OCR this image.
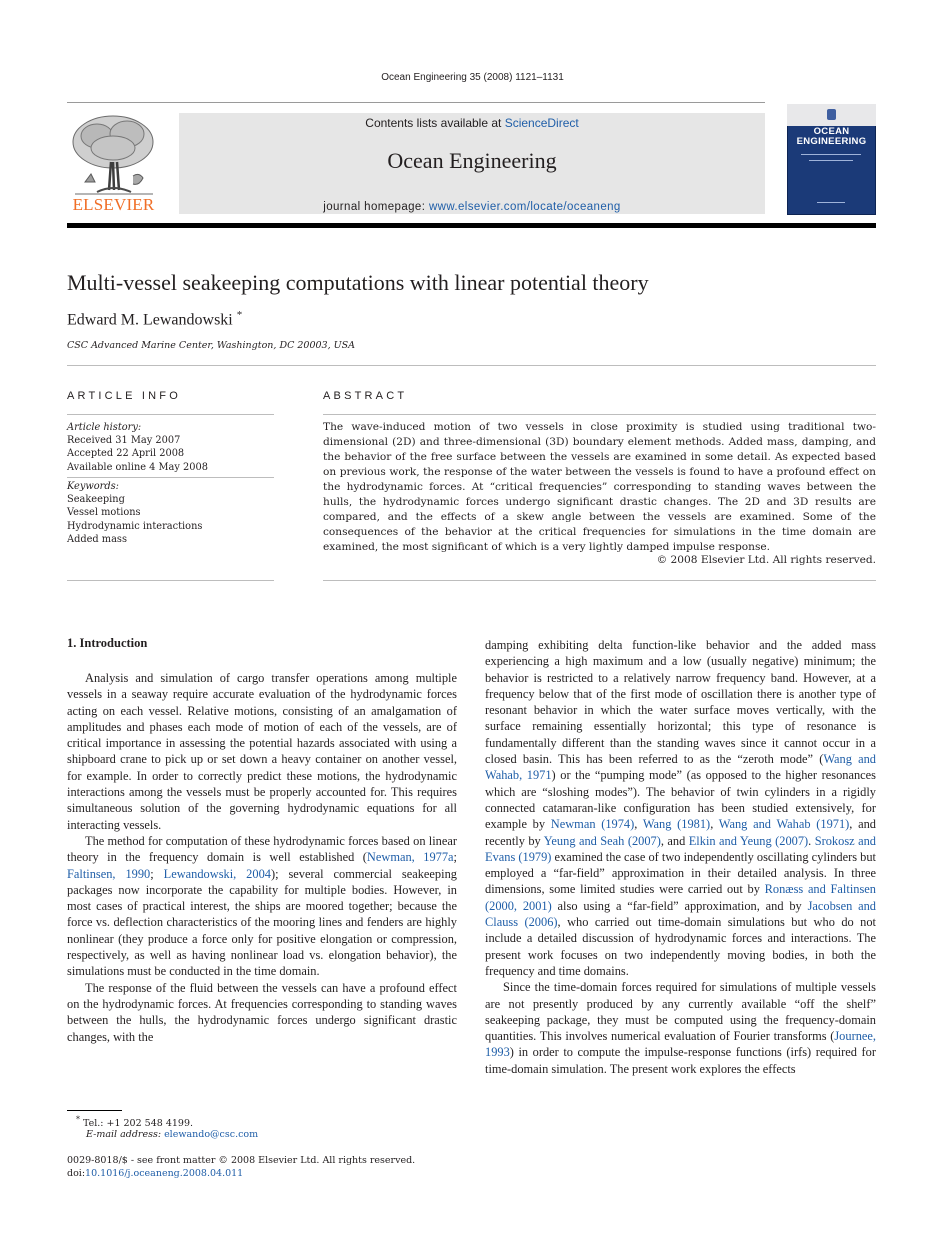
Ocean Engineering 35 (2008) 1121–1131
ELSEVIER
Contents lists available at ScienceDirect
Ocean Engineering
journal homepage: www.elsevier.com/locate/oceaneng
OCEAN
ENGINEERING
Multi-vessel seakeeping computations with linear potential theory
Edward M. Lewandowski *
CSC Advanced Marine Center, Washington, DC 20003, USA
ARTICLE INFO
Article history:
Received 31 May 2007
Accepted 22 April 2008
Available online 4 May 2008
Keywords:
Seakeeping
Vessel motions
Hydrodynamic interactions
Added mass
ABSTRACT
The wave-induced motion of two vessels in close proximity is studied using traditional two-dimensional (2D) and three-dimensional (3D) boundary element methods. Added mass, damping, and the behavior of the free surface between the vessels are examined in some detail. As expected based on previous work, the response of the water between the vessels is found to have a profound effect on the hydrodynamic forces. At “critical frequencies” corresponding to standing waves between the hulls, the hydrodynamic forces undergo significant drastic changes. The 2D and 3D results are compared, and the effects of a skew angle between the vessels are examined. Some of the consequences of the behavior at the critical frequencies for simulations in the time domain are examined, the most significant of which is a very lightly damped impulse response.
© 2008 Elsevier Ltd. All rights reserved.
1. Introduction

Analysis and simulation of cargo transfer operations among multiple vessels in a seaway require accurate evaluation of the hydrodynamic forces acting on each vessel. Relative motions, consisting of an amalgamation of amplitudes and phases each mode of motion of each of the vessels, are of critical importance in assessing the potential hazards associated with using a shipboard crane to pick up or set down a heavy container on another vessel, for example. In order to correctly predict these motions, the hydrodynamic interactions among the vessels must be properly accounted for. This requires simultaneous solution of the governing hydrodynamic equations for all interacting vessels.

The method for computation of these hydrodynamic forces based on linear theory in the frequency domain is well established (Newman, 1977a; Faltinsen, 1990; Lewandowski, 2004); several commercial seakeeping packages now incorporate the capability for multiple bodies. However, in most cases of practical interest, the ships are moored together; because the force vs. deflection characteristics of the mooring lines and fenders are highly nonlinear (they produce a force only for positive elongation or compression, respectively, as well as having nonlinear load vs. elongation behavior), the simulations must be conducted in the time domain.

The response of the fluid between the vessels can have a profound effect on the hydrodynamic forces. At frequencies corresponding to standing waves between the hulls, the hydrodynamic forces undergo significant drastic changes, with the

damping exhibiting delta function-like behavior and the added mass experiencing a high maximum and a low (usually negative) minimum; the behavior is restricted to a relatively narrow frequency band. However, at a frequency below that of the first mode of oscillation there is another type of resonant behavior in which the water surface moves vertically, with the surface remaining essentially horizontal; this type of resonance is fundamentally different than the standing waves since it cannot occur in a closed basin. This has been referred to as the “zeroth mode” (Wang and Wahab, 1971) or the “pumping mode” (as opposed to the higher resonances which are “sloshing modes”). The behavior of twin cylinders in a rigidly connected catamaran-like configuration has been studied extensively, for example by Newman (1974), Wang (1981), Wang and Wahab (1971), and recently by Yeung and Seah (2007), and Elkin and Yeung (2007). Srokosz and Evans (1979) examined the case of two independently oscillating cylinders but employed a “far-field” approximation in their detailed analysis. In three dimensions, some limited studies were carried out by Ronæss and Faltinsen (2000, 2001) also using a “far-field” approximation, and by Jacobsen and Clauss (2006), who carried out time-domain simulations but who do not include a detailed discussion of hydrodynamic forces and interactions. The present work focuses on two independently moving bodies, in both the frequency and time domains.

Since the time-domain forces required for simulations of multiple vessels are not presently produced by any currently available “off the shelf” seakeeping package, they must be computed using the frequency-domain quantities. This involves numerical evaluation of Fourier transforms (Journee, 1993) in order to compute the impulse-response functions (irfs) required for time-domain simulation. The present work explores the effects

* Tel.: +1 202 548 4199.
E-mail address: elewando@csc.com
0029-8018/$ - see front matter © 2008 Elsevier Ltd. All rights reserved.
doi:10.1016/j.oceaneng.2008.04.011
